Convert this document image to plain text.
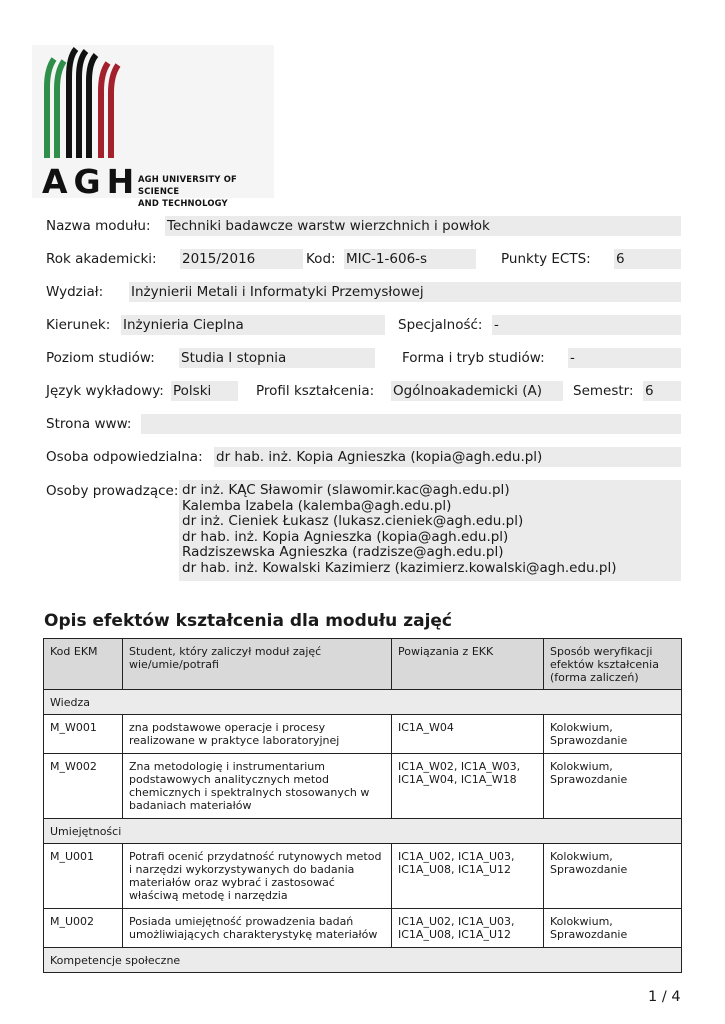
AGH
AGH UNIVERSITY OF SCIENCE
AND TECHNOLOGY
Nazwa modułu: Techniki badawcze warstw wierzchnich i powłok
Rok akademicki: 2015/2016	Kod: MIC-1-606-s	Punkty ECTS: 6
Wydział: Inżynierii Metali i Informatyki Przemysłowej
Kierunek: Inżynieria Cieplna	Specjalność: -
Poziom studiów: Studia I stopnia	Forma i tryb studiów: -
Język wykładowy: Polski	Profil kształcenia: Ogólnoakademicki (A)	Semestr: 6
Strona www:
Osoba odpowiedzialna: dr hab. inż. Kopia Agnieszka (kopia@agh.edu.pl)
Osoby prowadzące: dr inż. KĄC Sławomir (slawomir.kac@agh.edu.pl)
Kalemba Izabela (kalemba@agh.edu.pl)
dr inż. Cieniek Łukasz (lukasz.cieniek@agh.edu.pl)
dr hab. inż. Kopia Agnieszka (kopia@agh.edu.pl)
Radziszewska Agnieszka (radzisze@agh.edu.pl)
dr hab. inż. Kowalski Kazimierz (kazimierz.kowalski@agh.edu.pl)
Opis efektów kształcenia dla modułu zajęć
Kod EKM	Student, który zaliczył moduł zajęć wie/umie/potrafi	Powiązania z EKK	Sposób weryfikacji efektów kształcenia (forma zaliczeń)
Wiedza			
M_W001	zna podstawowe operacje i procesy realizowane w praktyce laboratoryjnej	IC1A_W04	Kolokwium, Sprawozdanie
M_W002	Zna metodologię i instrumentarium podstawowych analitycznych metod chemicznych i spektralnych stosowanych w badaniach materiałów	IC1A_W02, IC1A_W03, IC1A_W04, IC1A_W18	Kolokwium, Sprawozdanie
Umiejętności			
M_U001	Potrafi ocenić przydatność rutynowych metod i narzędzi wykorzystywanych do badania materiałów oraz wybrać i zastosować właściwą metodę i narzędzia	IC1A_U02, IC1A_U03, IC1A_U08, IC1A_U12	Kolokwium, Sprawozdanie
M_U002	Posiada umiejętność prowadzenia badań umożliwiających charakterystykę materiałów	IC1A_U02, IC1A_U03, IC1A_U08, IC1A_U12	Kolokwium, Sprawozdanie
Kompetencje społeczne			
1 / 4
